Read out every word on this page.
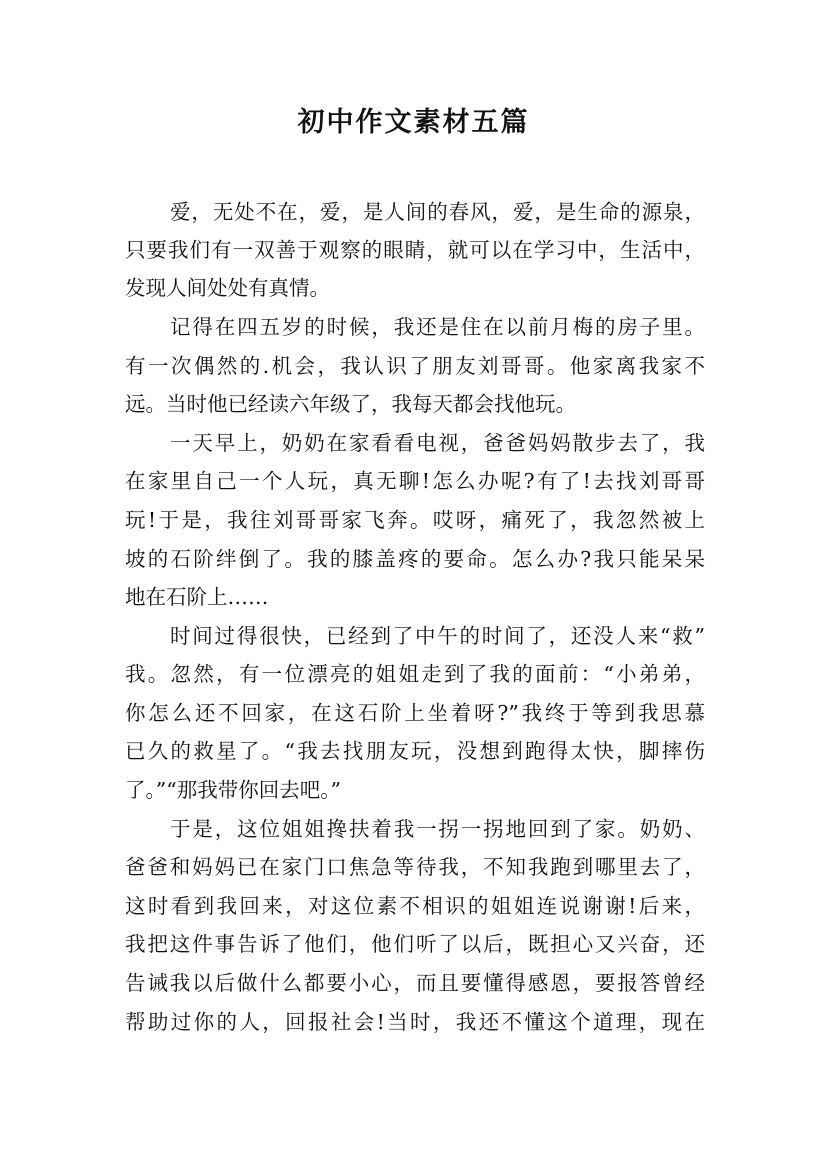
初中作文素材五篇
爱，无处不在，爱，是人间的春风，爱，是生命的源泉，
只要我们有一双善于观察的眼睛，就可以在学习中，生活中，
发现人间处处有真情。
记得在四五岁的时候，我还是住在以前月梅的房子里。
有一次偶然的.机会，我认识了朋友刘哥哥。他家离我家不
远。当时他已经读六年级了，我每天都会找他玩。
一天早上，奶奶在家看看电视，爸爸妈妈散步去了，我
在家里自己一个人玩，真无聊!怎么办呢?有了!去找刘哥哥
玩!于是，我往刘哥哥家飞奔。哎呀，痛死了，我忽然被上
坡的石阶绊倒了。我的膝盖疼的要命。怎么办?我只能呆呆
地在石阶上……
时间过得很快，已经到了中午的时间了，还没人来“救”
我。忽然，有一位漂亮的姐姐走到了我的面前：“小弟弟，
你怎么还不回家，在这石阶上坐着呀?”我终于等到我思慕
已久的救星了。“我去找朋友玩，没想到跑得太快，脚摔伤
了。”“那我带你回去吧。”
于是，这位姐姐搀扶着我一拐一拐地回到了家。奶奶、
爸爸和妈妈已在家门口焦急等待我，不知我跑到哪里去了，
这时看到我回来，对这位素不相识的姐姐连说谢谢!后来，
我把这件事告诉了他们，他们听了以后，既担心又兴奋，还
告诫我以后做什么都要小心，而且要懂得感恩，要报答曾经
帮助过你的人，回报社会!当时，我还不懂这个道理，现在
